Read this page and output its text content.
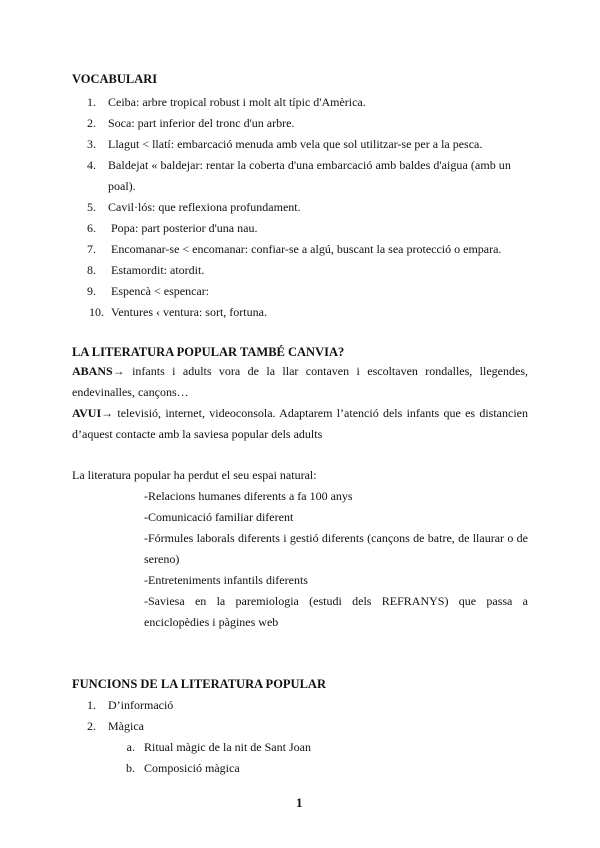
VOCABULARI
1. Ceiba: arbre tropical robust i molt alt típic d'Amèrica.
2. Soca: part inferior del tronc d'un arbre.
3. Llagut < llatí: embarcació menuda amb vela que sol utilitzar-se per a la pesca.
4. Baldejat « baldejar: rentar la coberta d'una embarcació amb baldes d'aigua (amb un
poal).
5. Cavil·lós: que reflexiona profundament.
6. Popa: part posterior d'una nau.
7. Encomanar-se < encomanar: confiar-se a algú, buscant la sea protecció o empara.
8. Estamordit: atordit.
9. Espencà < espencar:
10. Ventures ‹ ventura: sort, fortuna.
LA LITERATURA POPULAR TAMBÉ CANVIA?
ABANS→ infants i adults vora de la llar contaven i escoltaven rondalles, llegendes, endevinalles, cançons…
AVUI→ televisió, internet, videoconsola. Adaptarem l’atenció dels infants que es distancien d’aquest contacte amb la saviesa popular dels adults
La literatura popular ha perdut el seu espai natural:
-Relacions humanes diferents a fa 100 anys
-Comunicació familiar diferent
-Fórmules laborals diferents i gestió diferents (cançons de batre, de llaurar o de sereno)
-Entreteniments infantils diferents
-Saviesa en la paremiologia (estudi dels REFRANYS) que passa a enciclopèdies i pàgines web
FUNCIONS DE LA LITERATURA POPULAR
1. D’informació
2. Màgica
a. Ritual màgic de la nit de Sant Joan
b. Composició màgica
1
